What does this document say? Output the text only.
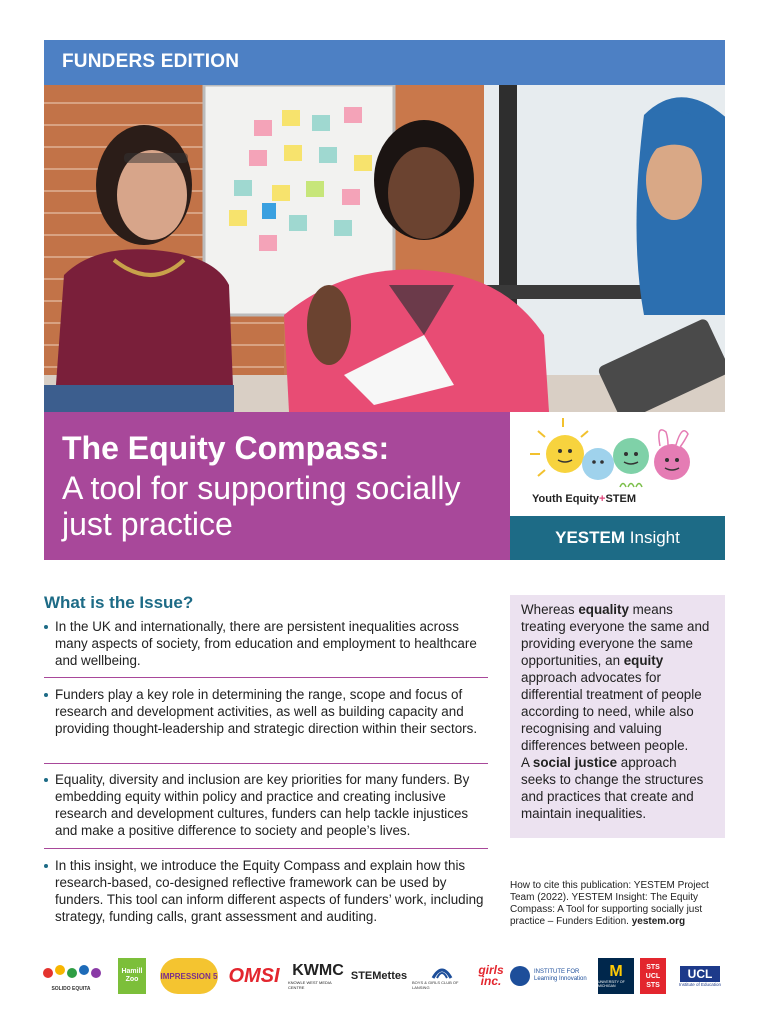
FUNDERS EDITION
The Equity Compass:
A tool for supporting socially just practice
Youth Equity+STEM
YESTEM Insight
What is the Issue?
In the UK and internationally, there are persistent inequalities across many aspects of society, from education and employment to healthcare and wellbeing.
Funders play a key role in determining the range, scope and focus of research and development activities, as well as building capacity and providing thought-leadership and strategic direction within their sectors.
Equality, diversity and inclusion are key priorities for many funders. By embedding equity within policy and practice and creating inclusive research and development cultures, funders can help tackle injustices and make a positive difference to society and people’s lives.
In this insight, we introduce the Equity Compass and explain how this research-based, co-designed reflective framework can be used by funders. This tool can inform different aspects of funders’ work, including strategy, funding calls, grant assessment and auditing.

Whereas equality means treating everyone the same and providing everyone the same opportunities, an equity approach advocates for differential treatment of people according to need, while also recognising and valuing differences between people.

A social justice approach seeks to change the structures and practices that create and maintain inequalities.

How to cite this publication: YESTEM Project Team (2022). YESTEM Insight: The Equity Compass: A Tool for supporting socially just practice – Funders Edition. yestem.org
SOLIDO EQUITA
Hamill Zoo	IMPRESSION 5 OMSI KWMC
KNOWLE WEST MEDIA CENTRE
STEMettes
BOYS & GIRLS CLUB OF LANSING
girls
inc.
INSTITUTE FOR Learning Innovation M
UNIVERSITY OF MICHIGAN
STS
UCL
STS
UCL
Institute of Education
